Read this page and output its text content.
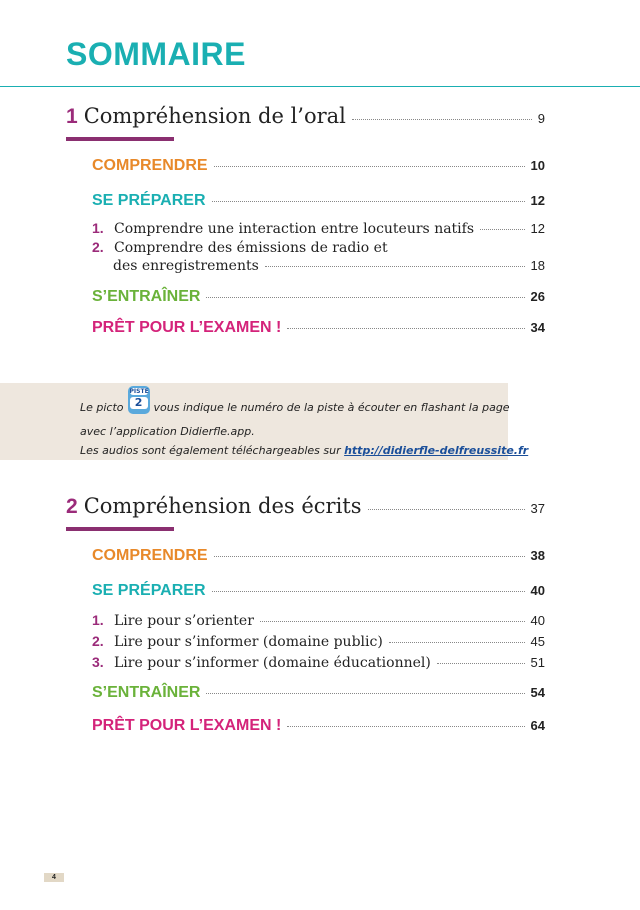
SOMMAIRE
1 Compréhension de l’oral	9
COMPRENDRE	10
SE PRÉPARER	12
1. Comprendre une interaction entre locuteurs natifs	12
2. Comprendre des émissions de radio et
des enregistrements	18
S’ENTRAÎNER	26
PRÊT POUR L’EXAMEN !	34
Le picto
PISTE
2	vous indique le numéro de la piste à écouter en flashant la page
avec l’application Didierfle.app.
Les audios sont également téléchargeables sur http://didierfle-delfreussite.fr
2 Compréhension des écrits	37
COMPRENDRE	38
SE PRÉPARER	40
1. Lire pour s’orienter	40
2. Lire pour s’informer (domaine public)	45
3. Lire pour s’informer (domaine éducationnel)	51
S’ENTRAÎNER	54
PRÊT POUR L’EXAMEN !	64
4
